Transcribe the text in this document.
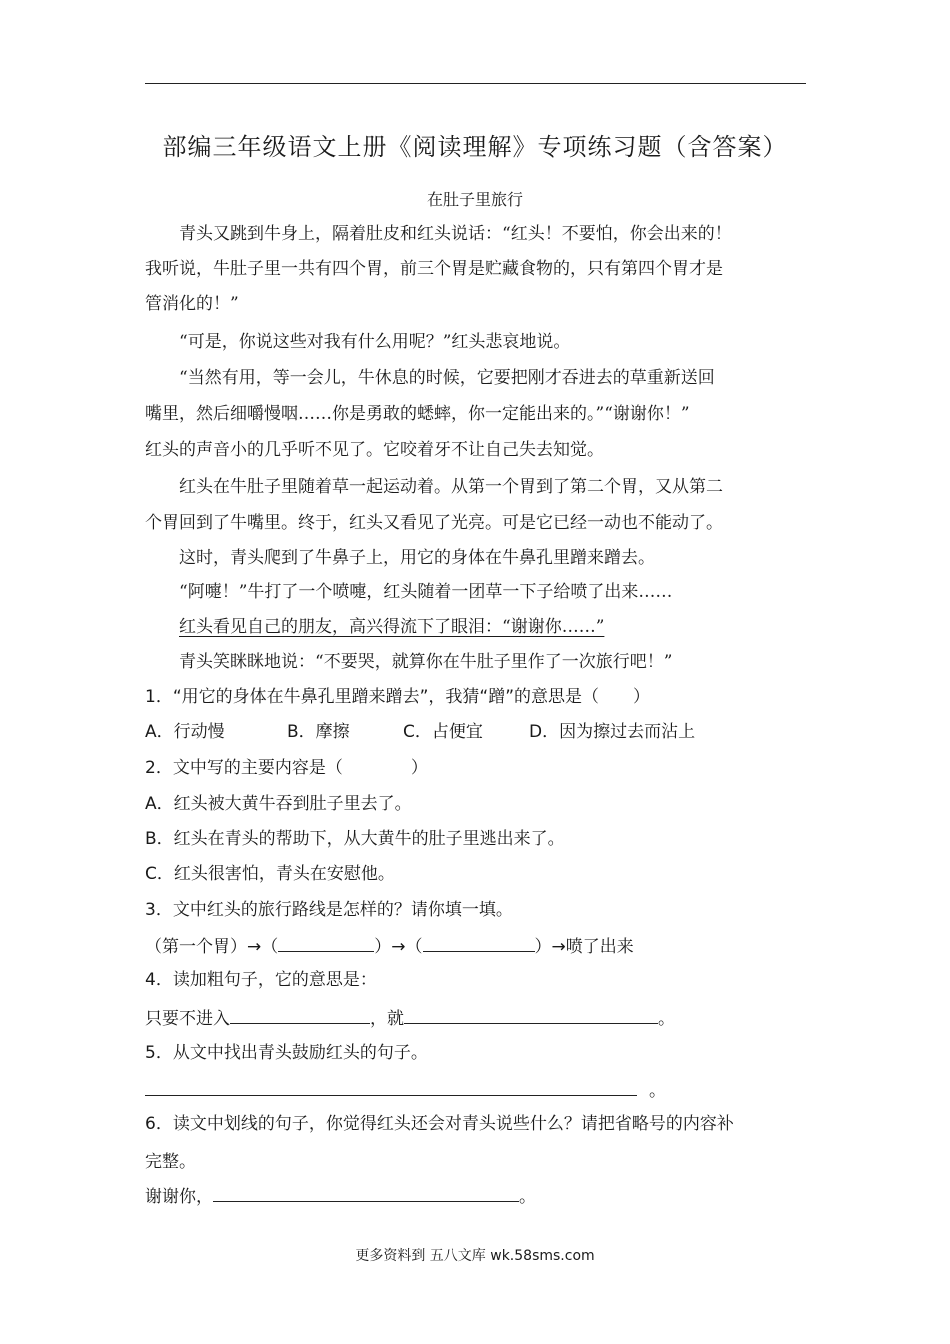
部编三年级语文上册《阅读理解》专项练习题（含答案）
在肚子里旅行
青头又跳到牛身上，隔着肚皮和红头说话：“红头！不要怕，你会出来的！
我听说，牛肚子里一共有四个胃，前三个胃是贮藏食物的，只有第四个胃才是
管消化的！”
“可是，你说这些对我有什么用呢？”红头悲哀地说。
“当然有用，等一会儿，牛休息的时候，它要把刚才吞进去的草重新送回
嘴里，然后细嚼慢咽……你是勇敢的蟋蟀，你一定能出来的。”“谢谢你！”
红头的声音小的几乎听不见了。它咬着牙不让自己失去知觉。
红头在牛肚子里随着草一起运动着。从第一个胃到了第二个胃，又从第二
个胃回到了牛嘴里。终于，红头又看见了光亮。可是它已经一动也不能动了。
这时，青头爬到了牛鼻子上，用它的身体在牛鼻孔里蹭来蹭去。
“阿嚏！”牛打了一个喷嚏，红头随着一团草一下子给喷了出来……
红头看见自己的朋友，高兴得流下了眼泪：“谢谢你……”
青头笑眯眯地说：“不要哭，就算你在牛肚子里作了一次旅行吧！”
1．“用它的身体在牛鼻孔里蹭来蹭去”，我猜“蹭”的意思是（　　）
A．行动慢	B．摩擦	C．占便宜	D．因为擦过去而沾上
2．文中写的主要内容是（　　　　）
A．红头被大黄牛吞到肚子里去了。
B．红头在青头的帮助下，从大黄牛的肚子里逃出来了。
C．红头很害怕，青头在安慰他。
3．文中红头的旅行路线是怎样的？请你填一填。
（第一个胃）→（	）→（	）→喷了出来
4．读加粗句子，它的意思是：
只要不进入	，就	。
5．从文中找出青头鼓励红头的句子。
。
6．读文中划线的句子，你觉得红头还会对青头说些什么？请把省略号的内容补
完整。
谢谢你，	。
更多资料到 五八文库 wk.58sms.com
